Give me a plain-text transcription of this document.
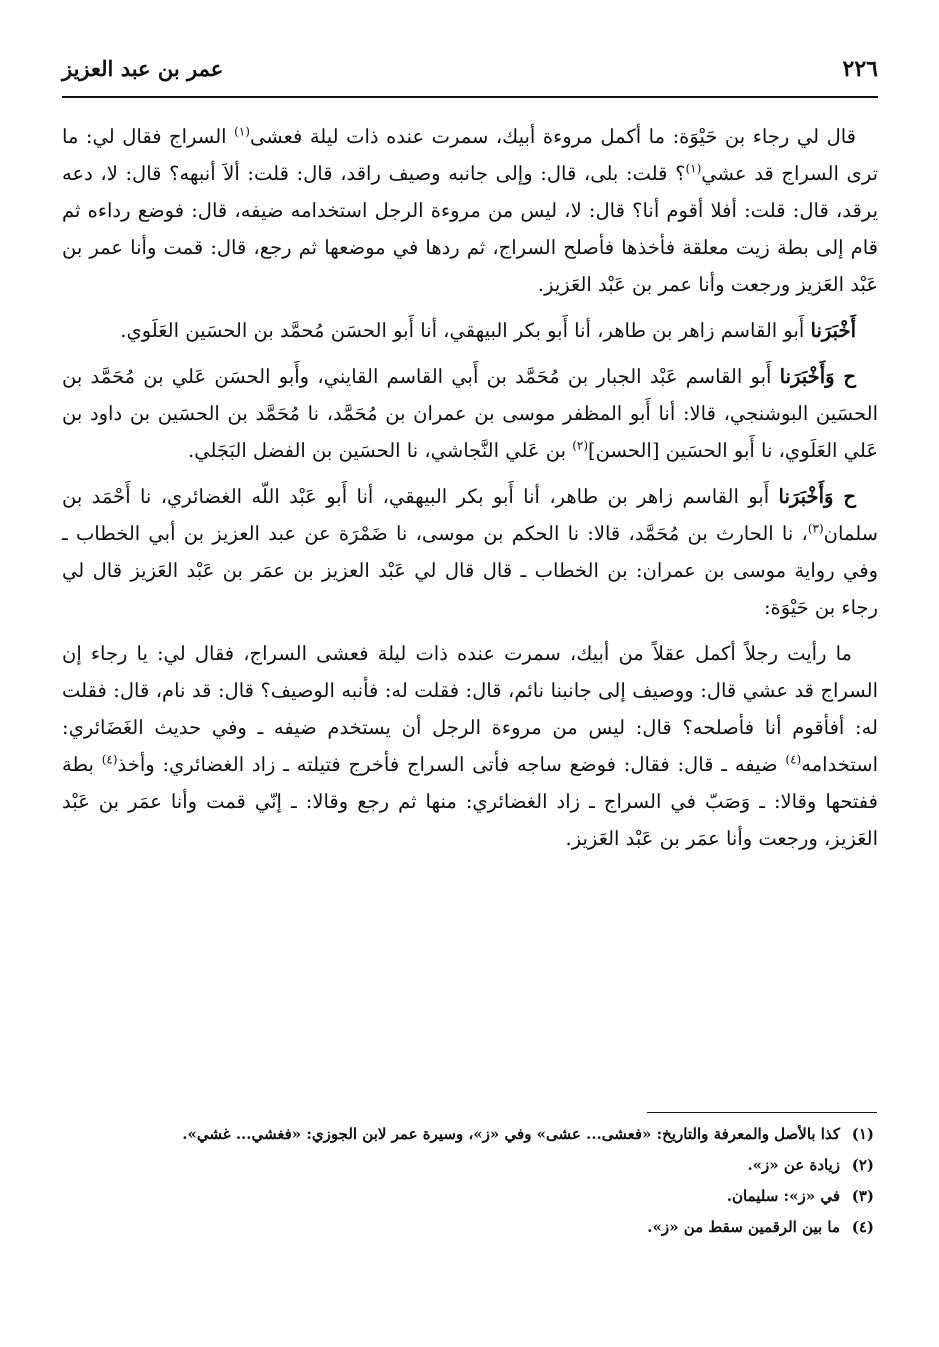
٢٢٦
عمر بن عبد العزيز

قال لي رجاء بن حَيْوَة: ما أكمل مروءة أبيك، سمرت عنده ذات ليلة فعشى$^{(١)}$ السراج فقال لي: ما ترى السراج قد عشي$^{(١)}$؟ قلت: بلى، قال: وإلى جانبه وصيف راقد، قال: قلت: ألاَ أنبهه؟ قال: لا، دعه يرقد، قال: قلت: أفلا أقوم أنا؟ قال: لا، ليس من مروءة الرجل استخدامه ضيفه، قال: فوضع رداءه ثم قام إلى بطة زيت معلقة فأخذها فأصلح السراج، ثم ردها في موضعها ثم رجع، قال: قمت وأنا عمر بن عَبْد العَزيز ورجعت وأنا عمر بن عَبْد العَزيز.

أَخْبَرَنا أَبو القاسم زاهر بن طاهر، أنا أَبو بكر البيهقي، أنا أَبو الحسَن مُحمَّد بن الحسَين العَلَوي.

ح وَأَخْبَرَنا أَبو القاسم عَبْد الجبار بن مُحَمَّد بن أَبي القاسم القايني، وأَبو الحسَن عَلي بن مُحَمَّد بن الحسَين البوشنجي، قالا: أنا أَبو المظفر موسى بن عمران بن مُحَمَّد، نا مُحَمَّد بن الحسَين بن داود بن عَلي العَلَوي، نا أَبو الحسَين [الحسن]$^{(٢)}$ بن عَلي النَّجاشي، نا الحسَين بن الفضل البَجَلي.

ح وَأَخْبَرَنا أَبو القاسم زاهر بن طاهر، أنا أَبو بكر البيهقي، أنا أَبو عَبْد اللّه الغضائري، نا أَحْمَد بن سلمان$^{(٣)}$، نا الحارث بن مُحَمَّد، قالا: نا الحكم بن موسى، نا ضَمْرَة عن عبد العزيز بن أبي الخطاب ـ وفي رواية موسى بن عمران: بن الخطاب ـ قال قال لي عَبْد العزيز بن عمَر بن عَبْد العَزيز قال لي رجاء بن حَيْوَة:

ما رأيت رجلاً أكمل عقلاً من أبيك، سمرت عنده ذات ليلة فعشى السراج، فقال لي: يا رجاء إن السراج قد عشي قال: ووصيف إلى جانبنا نائم، قال: فقلت له: فأنبه الوصيف؟ قال: قد نام، قال: فقلت له: أفأقوم أنا فأصلحه؟ قال: ليس من مروءة الرجل أن يستخدم ضيفه ـ وفي حديث الغَضَائري: استخدامه$^{(٤)}$ ضيفه ـ قال: فقال: فوضع ساجه فأتى السراج فأخرج فتيلته ـ زاد الغضائري: وأخذ$^{(٤)}$ بطة ففتحها وقالا: ـ وَصَبّ في السراج ـ زاد الغضائري: منها ثم رجع وقالا: ـ إنّي قمت وأنا عمَر بن عَبْد العَزيز، ورجعت وأنا عمَر بن عَبْد العَزيز.

(١)كذا بالأصل والمعرفة والتاريخ: «فعشى... عشى» وفي «ز»، وسيرة عمر لابن الجوزي: «فغشي... غشي».
(٢)زيادة عن «ز».
(٣)في «ز»: سليمان.
(٤)ما بين الرقمين سقط من «ز».
